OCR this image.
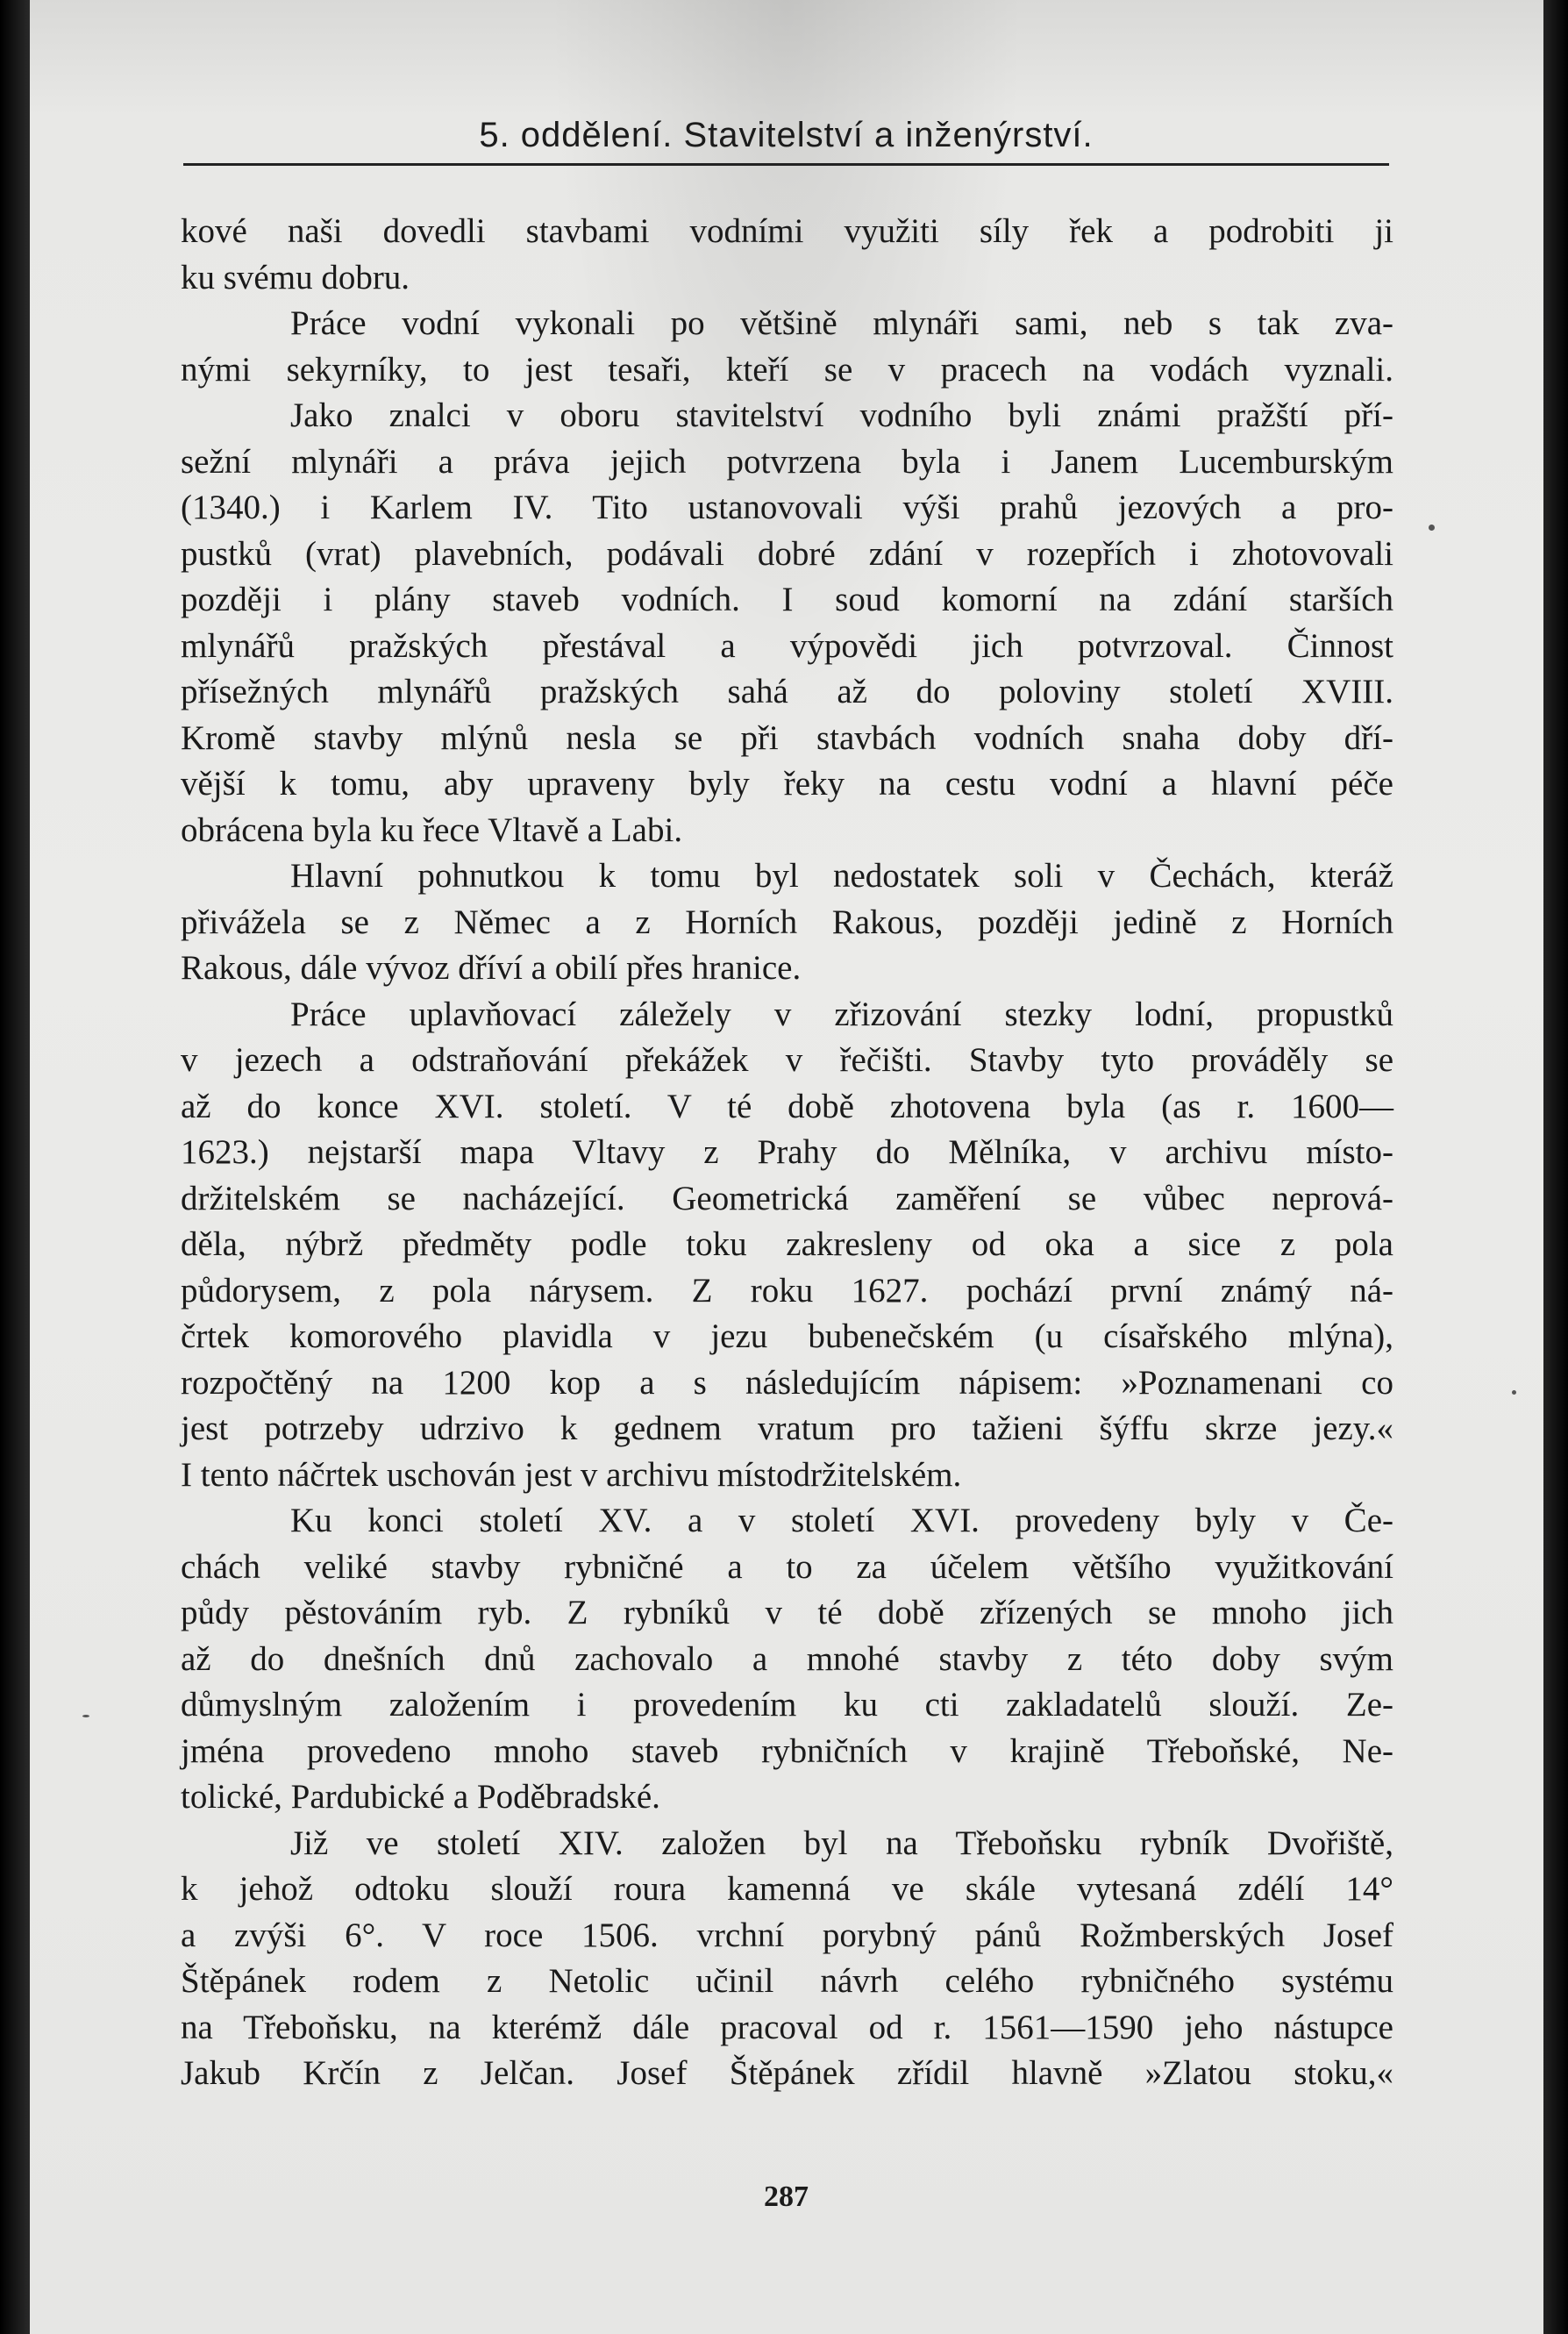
5. oddělení. Stavitelství a inženýrství.
kové naši dovedli stavbami vodními využiti síly řek a podrobiti ji
ku svému dobru.
Práce vodní vykonali po většině mlynáři sami, neb s tak zva-
nými sekyrníky, to jest tesaři, kteří se v pracech na vodách vyznali.
Jako znalci v oboru stavitelství vodního byli známi pražští pří-
sežní mlynáři a práva jejich potvrzena byla i Janem Lucemburským
(1340.) i Karlem IV. Tito ustanovovali výši prahů jezových a pro-
pustků (vrat) plavebních, podávali dobré zdání v rozepřích i zhotovovali
později i plány staveb vodních. I soud komorní na zdání starších
mlynářů pražských přestával a výpovědi jich potvrzoval. Činnost
přísežných mlynářů pražských sahá až do poloviny století XVIII.
Kromě stavby mlýnů nesla se při stavbách vodních snaha doby dří-
vější k tomu, aby upraveny byly řeky na cestu vodní a hlavní péče
obrácena byla ku řece Vltavě a Labi.
Hlavní pohnutkou k tomu byl nedostatek soli v Čechách, kteráž
přivážela se z Němec a z Horních Rakous, později jedině z Horních
Rakous, dále vývoz dříví a obilí přes hranice.
Práce uplavňovací záležely v zřizování stezky lodní, propustků
v jezech a odstraňování překážek v řečišti. Stavby tyto prováděly se
až do konce XVI. století. V té době zhotovena byla (as r. 1600—
1623.) nejstarší mapa Vltavy z Prahy do Mělníka, v archivu místo-
držitelském se nacházející. Geometrická zaměření se vůbec neprová-
děla, nýbrž předměty podle toku zakresleny od oka a sice z pola
půdorysem, z pola nárysem. Z roku 1627. pochází první známý ná-
črtek komorového plavidla v jezu bubenečském (u císařského mlýna),
rozpočtěný na 1200 kop a s následujícím nápisem: »Poznamenani co
jest potrzeby udrzivo k gednem vratum pro tažieni šýffu skrze jezy.«
I tento náčrtek uschován jest v archivu místodržitelském.
Ku konci století XV. a v století XVI. provedeny byly v Če-
chách veliké stavby rybničné a to za účelem většího využitkování
půdy pěstováním ryb. Z rybníků v té době zřízených se mnoho jich
až do dnešních dnů zachovalo a mnohé stavby z této doby svým
důmyslným založením i provedením ku cti zakladatelů slouží. Ze-
jména provedeno mnoho staveb rybničních v krajině Třeboňské, Ne-
tolické, Pardubické a Poděbradské.
Již ve století XIV. založen byl na Třeboňsku rybník Dvořiště,
k jehož odtoku slouží roura kamenná ve skále vytesaná zdélí 14°
a zvýši 6°. V roce 1506. vrchní porybný pánů Rožmberských Josef
Štěpánek rodem z Netolic učinil návrh celého rybničného systému
na Třeboňsku, na kterémž dále pracoval od r. 1561—1590 jeho nástupce
Jakub Krčín z Jelčan. Josef Štěpánek zřídil hlavně »Zlatou stoku,«
287
